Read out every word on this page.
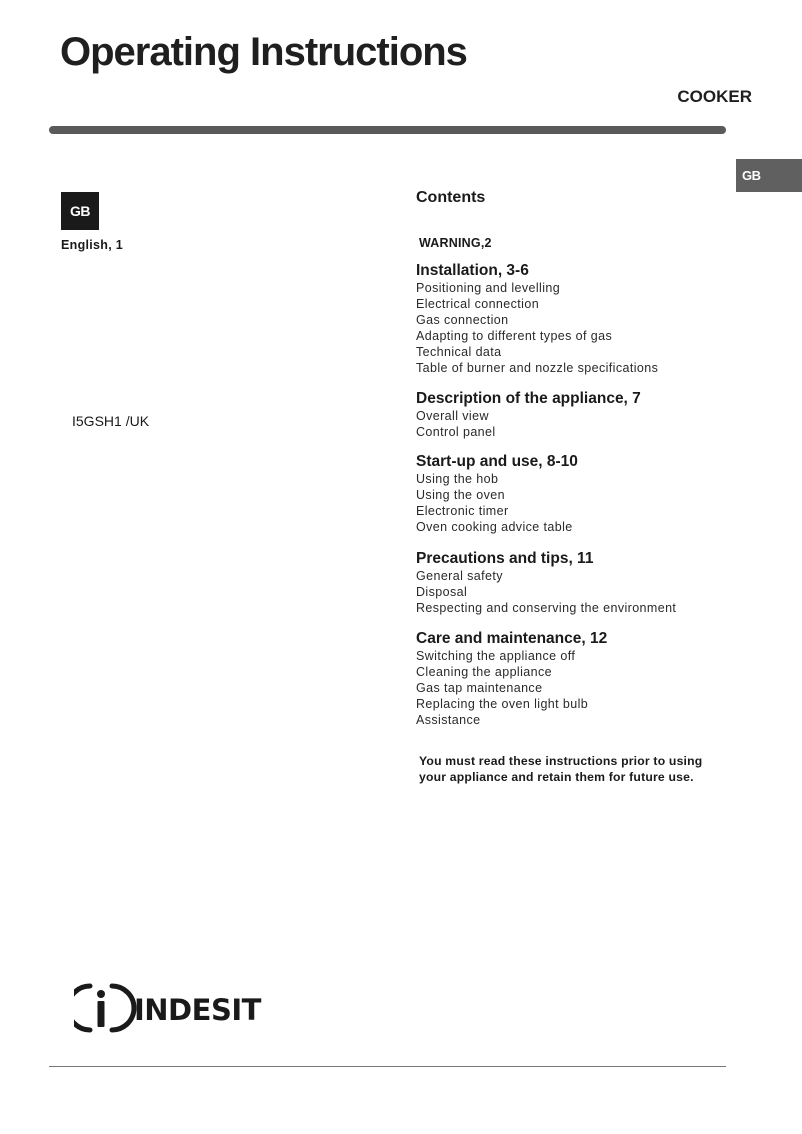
Operating Instructions
COOKER
GB
GB
English, 1
I5GSH1 /UK
Contents
WARNING,2
Installation, 3-6
Positioning and levelling
Electrical connection
Gas connection
Adapting to different types of gas
Technical data
Table of burner and nozzle specifications
Description of the appliance, 7
Overall view
Control panel
Start-up and use, 8-10
Using the hob
Using the oven
Electronic timer
Oven cooking advice table
Precautions and tips, 11
General safety
Disposal
Respecting and conserving the environment
Care and maintenance, 12
Switching the appliance off
Cleaning the appliance
Gas tap maintenance
Replacing the oven light bulb
Assistance
You must read these instructions prior to using
your appliance and retain them for future use.
INDESIT
